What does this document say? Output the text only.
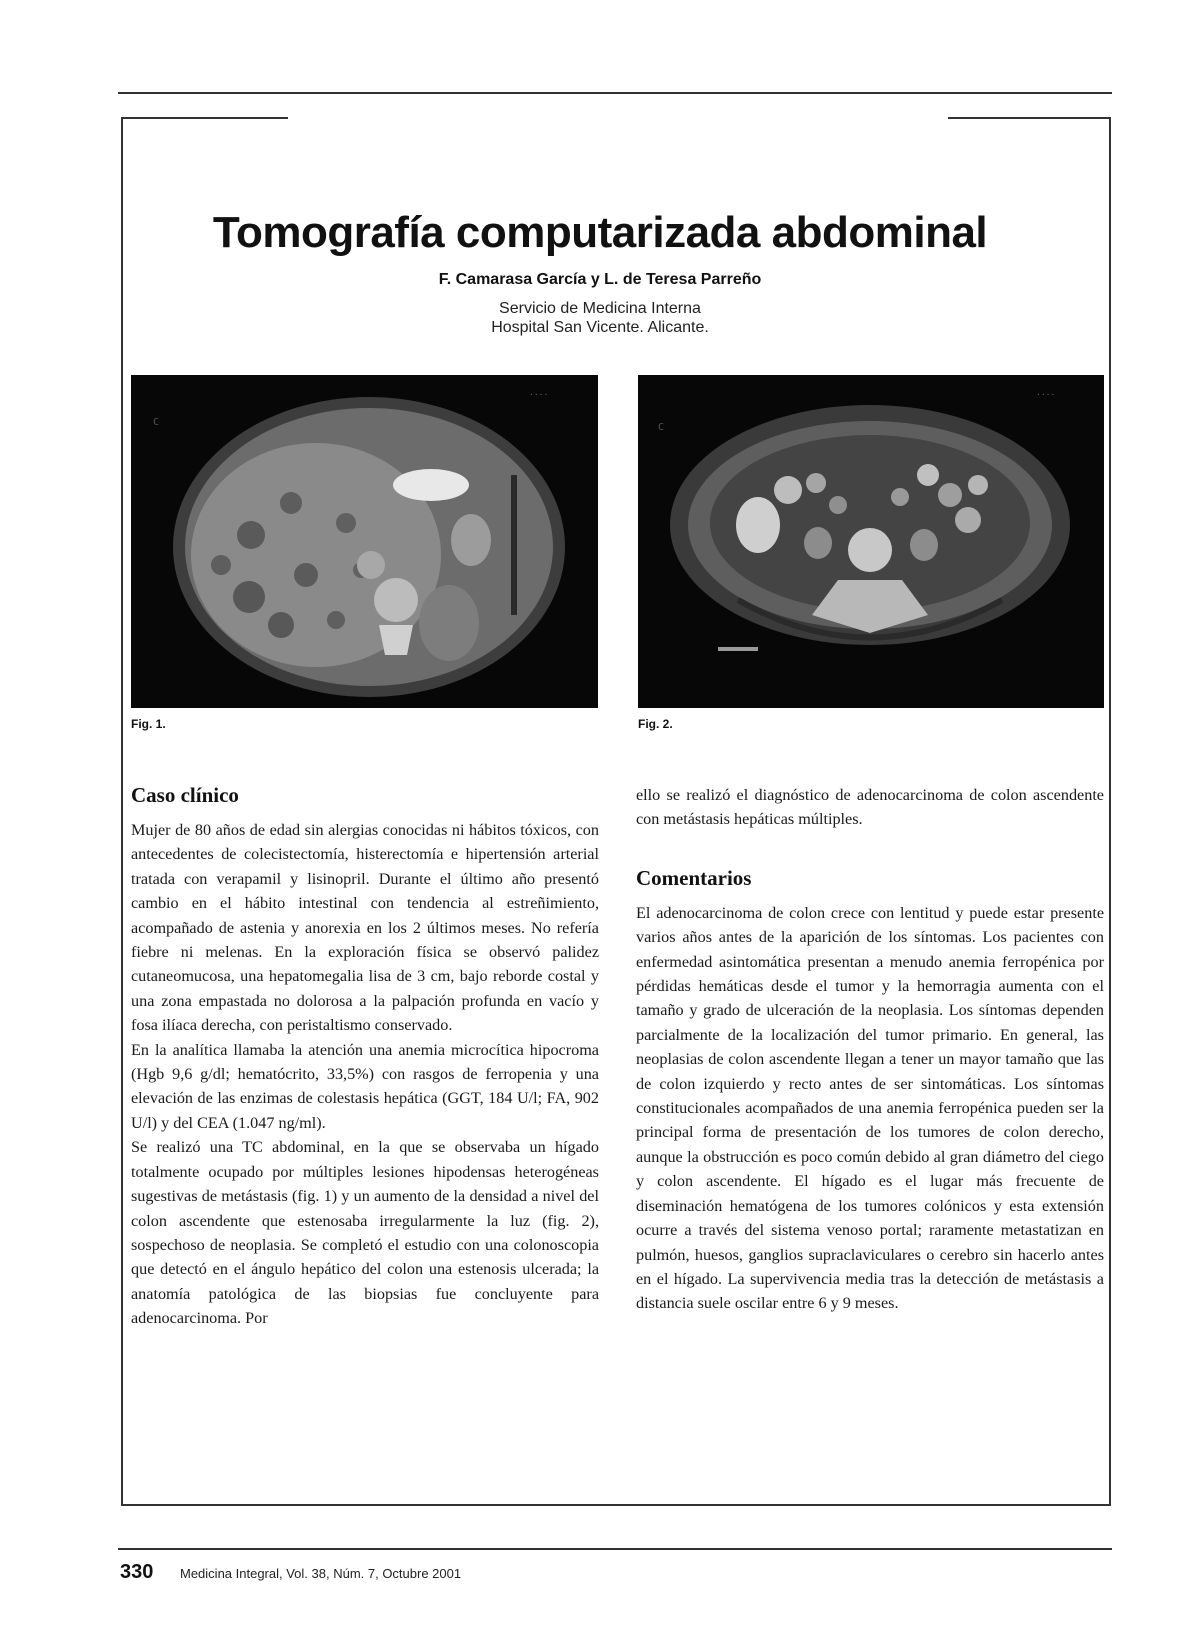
Tomografía computarizada abdominal
F. Camarasa García y L. de Teresa Parreño
Servicio de Medicina Interna
Hospital San Vicente. Alicante.
....
C
....
C
Fig. 1.	Fig. 2.
Caso clínico

Mujer de 80 años de edad sin alergias conocidas ni hábitos tóxicos, con antecedentes de colecistectomía, histerectomía e hipertensión arterial tratada con verapamil y lisinopril. Durante el último año presentó cambio en el hábito intestinal con tendencia al estreñimiento, acompañado de astenia y anorexia en los 2 últimos meses. No refería fiebre ni melenas. En la exploración física se observó palidez cutaneomucosa, una hepatomegalia lisa de 3 cm, bajo reborde costal y una zona empastada no dolorosa a la palpación profunda en vacío y fosa ilíaca derecha, con peristaltismo conservado.

En la analítica llamaba la atención una anemia microcítica hipocroma (Hgb 9,6 g/dl; hematócrito, 33,5%) con rasgos de ferropenia y una elevación de las enzimas de colestasis hepática (GGT, 184 U/l; FA, 902 U/l) y del CEA (1.047 ng/ml).

Se realizó una TC abdominal, en la que se observaba un hígado totalmente ocupado por múltiples lesiones hipodensas heterogéneas sugestivas de metástasis (fig. 1) y un aumento de la densidad a nivel del colon ascendente que estenosaba irregularmente la luz (fig. 2), sospechoso de neoplasia. Se completó el estudio con una colonoscopia que detectó en el ángulo hepático del colon una estenosis ulcerada; la anatomía patológica de las biopsias fue concluyente para adenocarcinoma. Por

ello se realizó el diagnóstico de adenocarcinoma de colon ascendente con metástasis hepáticas múltiples.

Comentarios

El adenocarcinoma de colon crece con lentitud y puede estar presente varios años antes de la aparición de los síntomas. Los pacientes con enfermedad asintomática presentan a menudo anemia ferropénica por pérdidas hemáticas desde el tumor y la hemorragia aumenta con el tamaño y grado de ulceración de la neoplasia. Los síntomas dependen parcialmente de la localización del tumor primario. En general, las neoplasias de colon ascendente llegan a tener un mayor tamaño que las de colon izquierdo y recto antes de ser sintomáticas. Los síntomas constitucionales acompañados de una anemia ferropénica pueden ser la principal forma de presentación de los tumores de colon derecho, aunque la obstrucción es poco común debido al gran diámetro del ciego y colon ascendente. El hígado es el lugar más frecuente de diseminación hematógena de los tumores colónicos y esta extensión ocurre a través del sistema venoso portal; raramente metastatizan en pulmón, huesos, ganglios supraclaviculares o cerebro sin hacerlo antes en el hígado. La supervivencia media tras la detección de metástasis a distancia suele oscilar entre 6 y 9 meses.

330 Medicina Integral, Vol. 38, Núm. 7, Octubre 2001
